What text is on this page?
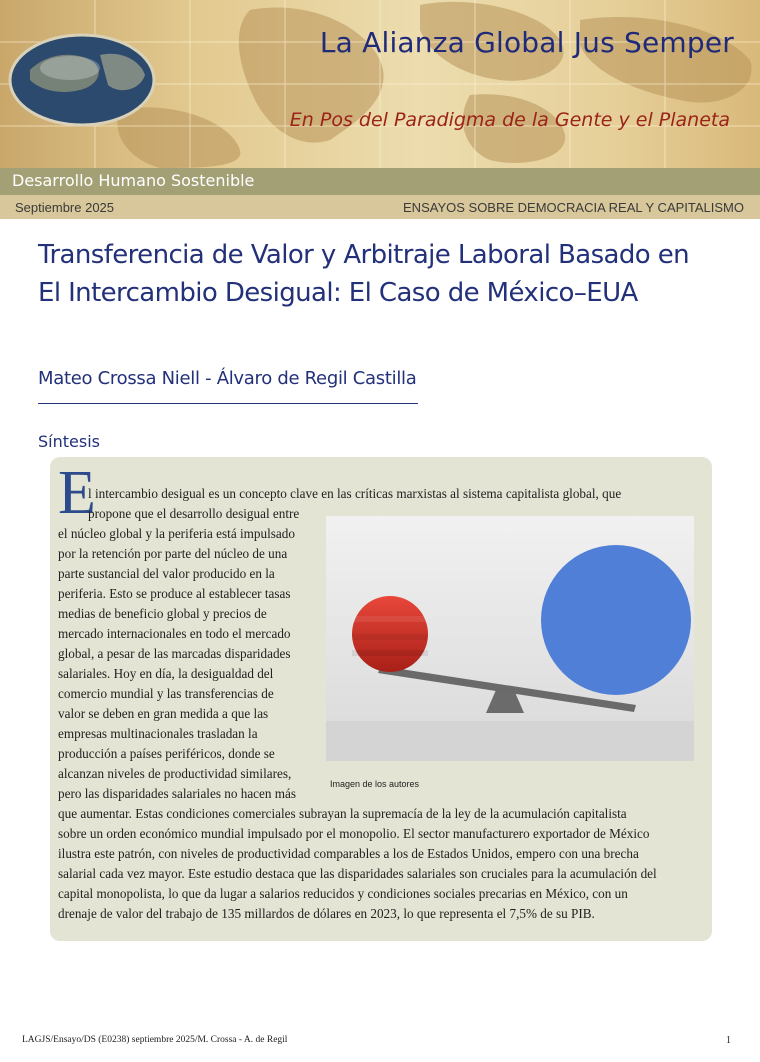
La Alianza Global Jus Semper
En Pos del Paradigma de la Gente y el Planeta
Desarrollo Humano Sostenible
Septiembre 2025	ENSAYOS SOBRE DEMOCRACIA REAL Y CAPITALISMO
Transferencia de Valor y Arbitraje Laboral Basado en
El Intercambio Desigual: El Caso de México–EUA
Mateo Crossa Niell - Álvaro de Regil Castilla
Síntesis
E
l intercambio desigual es un concepto clave en las críticas marxistas al sistema capitalista global, que
propone que el desarrollo desigual entre
el núcleo global y la periferia está impulsado
por la retención por parte del núcleo de una
parte sustancial del valor producido en la
periferia. Esto se produce al establecer tasas
medias de beneficio global y precios de
mercado internacionales en todo el mercado
global, a pesar de las marcadas disparidades
salariales. Hoy en día, la desigualdad del
comercio mundial y las transferencias de
valor se deben en gran medida a que las
empresas multinacionales trasladan la
producción a países periféricos, donde se
alcanzan niveles de productividad similares,
pero las disparidades salariales no hacen más
que aumentar. Estas condiciones comerciales subrayan la supremacía de la ley de la acumulación capitalista
sobre un orden económico mundial impulsado por el monopolio. El sector manufacturero exportador de México
ilustra este patrón, con niveles de productividad comparables a los de Estados Unidos, empero con una brecha
salarial cada vez mayor. Este estudio destaca que las disparidades salariales son cruciales para la acumulación del
capital monopolista, lo que da lugar a salarios reducidos y condiciones sociales precarias en México, con un
drenaje de valor del trabajo de 135 millardos de dólares en 2023, lo que representa el 7,5% de su PIB.
Imagen de los autores
LAGJS/Ensayo/DS (E0238) septiembre 2025/M. Crossa - A. de Regil	1
